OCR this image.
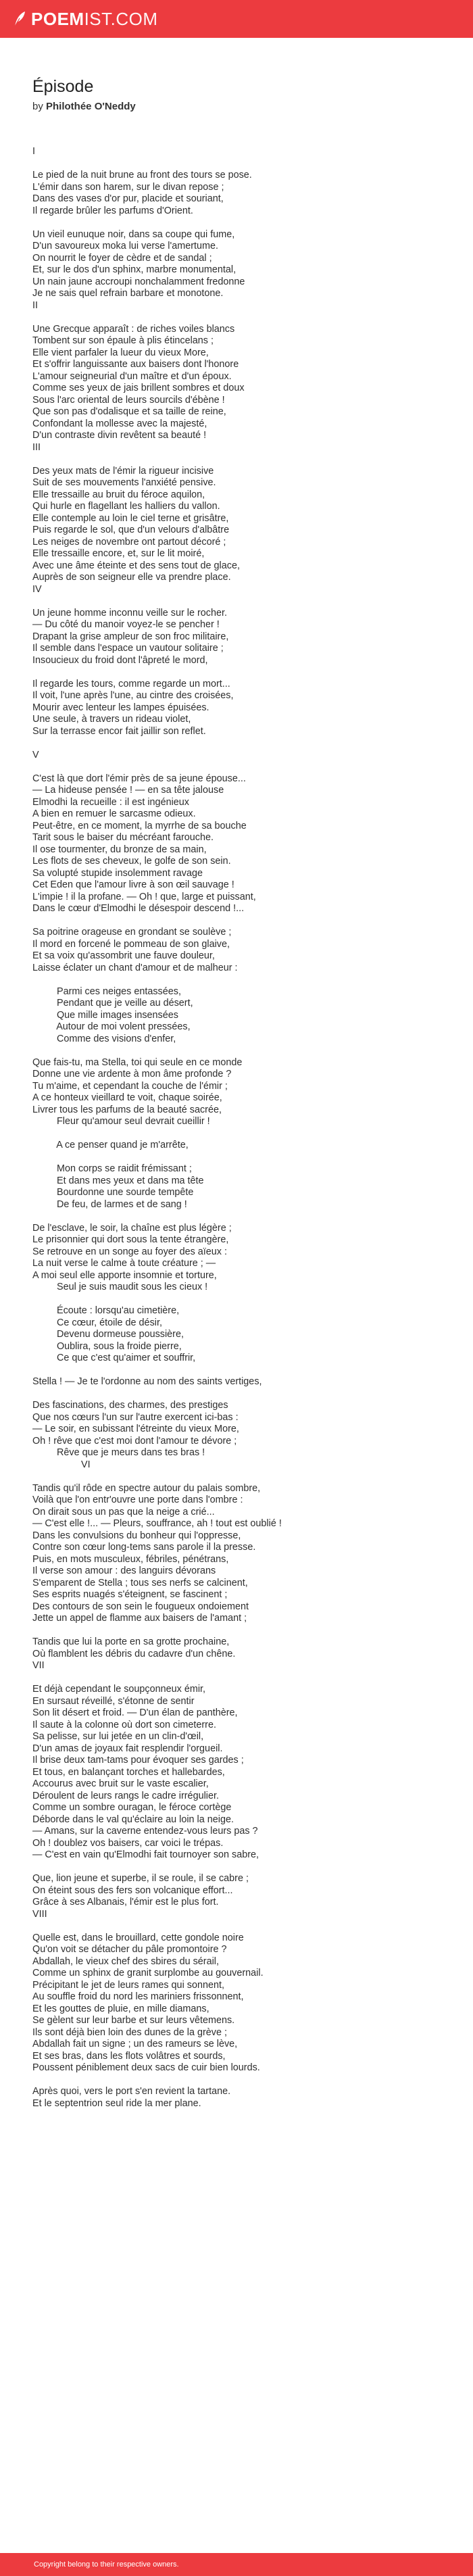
POEM IST.COM
Épisode
by Philothée O'Neddy
I
Le pied de la nuit brune au front des tours se pose.
L'émir dans son harem, sur le divan repose ;
Dans des vases d'or pur, placide et souriant,
Il regarde brûler les parfums d'Orient.
Un vieil eunuque noir, dans sa coupe qui fume,
D'un savoureux moka lui verse l'amertume.
On nourrit le foyer de cèdre et de sandal ;
Et, sur le dos d'un sphinx, marbre monumental,
Un nain jaune accroupi nonchalamment fredonne
Je ne sais quel refrain barbare et monotone.
II
Une Grecque apparaît : de riches voiles blancs
Tombent sur son épaule à plis étincelans ;
Elle vient parfaler la lueur du vieux More,
Et s'offrir languissante aux baisers dont l'honore
L'amour seigneurial d'un maître et d'un époux.
Comme ses yeux de jais brillent sombres et doux
Sous l'arc oriental de leurs sourcils d'ébène !
Que son pas d'odalisque et sa taille de reine,
Confondant la mollesse avec la majesté,
D'un contraste divin revêtent sa beauté !
III
Des yeux mats de l'émir la rigueur incisive
Suit de ses mouvements l'anxiété pensive.
Elle tressaille au bruit du féroce aquilon,
Qui hurle en flagellant les halliers du vallon.
Elle contemple au loin le ciel terne et grisâtre,
Puis regarde le sol, que d'un velours d'albâtre
Les neiges de novembre ont partout décoré ;
Elle tressaille encore, et, sur le lit moiré,
Avec une âme éteinte et des sens tout de glace,
Auprès de son seigneur elle va prendre place.
IV
Un jeune homme inconnu veille sur le rocher.
— Du côté du manoir voyez-le se pencher !
Drapant la grise ampleur de son froc militaire,
Il semble dans l'espace un vautour solitaire ;
Insoucieux du froid dont l'âpreté le mord,
Il regarde les tours, comme regarde un mort...
Il voit, l'une après l'une, au cintre des croisées,
Mourir avec lenteur les lampes épuisées.
Une seule, à travers un rideau violet,
Sur la terrasse encor fait jaillir son reflet.
V
C'est là que dort l'émir près de sa jeune épouse...
— La hideuse pensée ! — en sa tête jalouse
Elmodhi la recueille : il est ingénieux
A bien en remuer le sarcasme odieux.
Peut-être, en ce moment, la myrrhe de sa bouche
Tarit sous le baiser du mécréant farouche.
Il ose tourmenter, du bronze de sa main,
Les flots de ses cheveux, le golfe de son sein.
Sa volupté stupide insolemment ravage
Cet Eden que l'amour livre à son œil sauvage !
L'impie ! il la profane. — Oh ! que, large et puissant,
Dans le cœur d'Elmodhi le désespoir descend !...
Sa poitrine orageuse en grondant se soulève ;
Il mord en forcené le pommeau de son glaive,
Et sa voix qu'assombrit une fauve douleur,
Laisse éclater un chant d'amour et de malheur :
Parmi ces neiges entassées,
Pendant que je veille au désert,
Que mille images insensées
Autour de moi volent pressées,
Comme des visions d'enfer,
Que fais-tu, ma Stella, toi qui seule en ce monde
Donne une vie ardente à mon âme profonde ?
Tu m'aime, et cependant la couche de l'émir ;
A ce honteux vieillard te voit, chaque soirée,
Livrer tous les parfums de la beauté sacrée,
Fleur qu'amour seul devrait cueillir !
A ce penser quand je m'arrête,
Mon corps se raidit frémissant ;
Et dans mes yeux et dans ma tête
Bourdonne une sourde tempête
De feu, de larmes et de sang !
De l'esclave, le soir, la chaîne est plus légère ;
Le prisonnier qui dort sous la tente étrangère,
Se retrouve en un songe au foyer des aïeux :
La nuit verse le calme à toute créature ; —
A moi seul elle apporte insomnie et torture,
Seul je suis maudit sous les cieux !
Écoute : lorsqu'au cimetière,
Ce cœur, étoile de désir,
Devenu dormeuse poussière,
Oublira, sous la froide pierre,
Ce que c'est qu'aimer et souffrir,
Stella ! — Je te l'ordonne au nom des saints vertiges,
Des fascinations, des charmes, des prestiges
Que nos cœurs l'un sur l'autre exercent ici-bas :
— Le soir, en subissant l'étreinte du vieux More,
Oh ! rêve que c'est moi dont l'amour te dévore ;
Rêve que je meurs dans tes bras !
VI
Tandis qu'il rôde en spectre autour du palais sombre,
Voilà que l'on entr'ouvre une porte dans l'ombre :
On dirait sous un pas que la neige a crié...
— C'est elle !... — Pleurs, souffrance, ah ! tout est oublié !
Dans les convulsions du bonheur qui l'oppresse,
Contre son cœur long-tems sans parole il la presse.
Puis, en mots musculeux, fébriles, pénétrans,
Il verse son amour : des languirs dévorans
S'emparent de Stella ; tous ses nerfs se calcinent,
Ses esprits nuagés s'éteignent, se fascinent ;
Des contours de son sein le fougueux ondoiement
Jette un appel de flamme aux baisers de l'amant ;
Tandis que lui la porte en sa grotte prochaine,
Où flamblent les débris du cadavre d'un chêne.
VII
Et déjà cependant le soupçonneux émir,
En sursaut réveillé, s'étonne de sentir
Son lit désert et froid. — D'un élan de panthère,
Il saute à la colonne où dort son cimeterre.
Sa pelisse, sur lui jetée en un clin-d'œil,
D'un amas de joyaux fait resplendir l'orgueil.
Il brise deux tam-tams pour évoquer ses gardes ;
Et tous, en balançant torches et hallebardes,
Accourus avec bruit sur le vaste escalier,
Déroulent de leurs rangs le cadre irrégulier.
Comme un sombre ouragan, le féroce cortège
Déborde dans le val qu'éclaire au loin la neige.
— Amans, sur la caverne entendez-vous leurs pas ?
Oh ! doublez vos baisers, car voici le trépas.
— C'est en vain qu'Elmodhi fait tournoyer son sabre,
Que, lion jeune et superbe, il se roule, il se cabre ;
On éteint sous des fers son volcanique effort...
Grâce à ses Albanais, l'émir est le plus fort.
VIII
Quelle est, dans le brouillard, cette gondole noire
Qu'on voit se détacher du pâle promontoire ?
Abdallah, le vieux chef des sbires du sérail,
Comme un sphinx de granit surplombe au gouvernail.
Précipitant le jet de leurs rames qui sonnent,
Au souffle froid du nord les mariniers frissonnent,
Et les gouttes de pluie, en mille diamans,
Se gèlent sur leur barbe et sur leurs vêtemens.
Ils sont déjà bien loin des dunes de la grève ;
Abdallah fait un signe ; un des rameurs se lève,
Et ses bras, dans les flots volâtres et sourds,
Poussent péniblement deux sacs de cuir bien lourds.
Après quoi, vers le port s'en revient la tartane.
Et le septentrion seul ride la mer plane.
Copyright belong to their respective owners.
